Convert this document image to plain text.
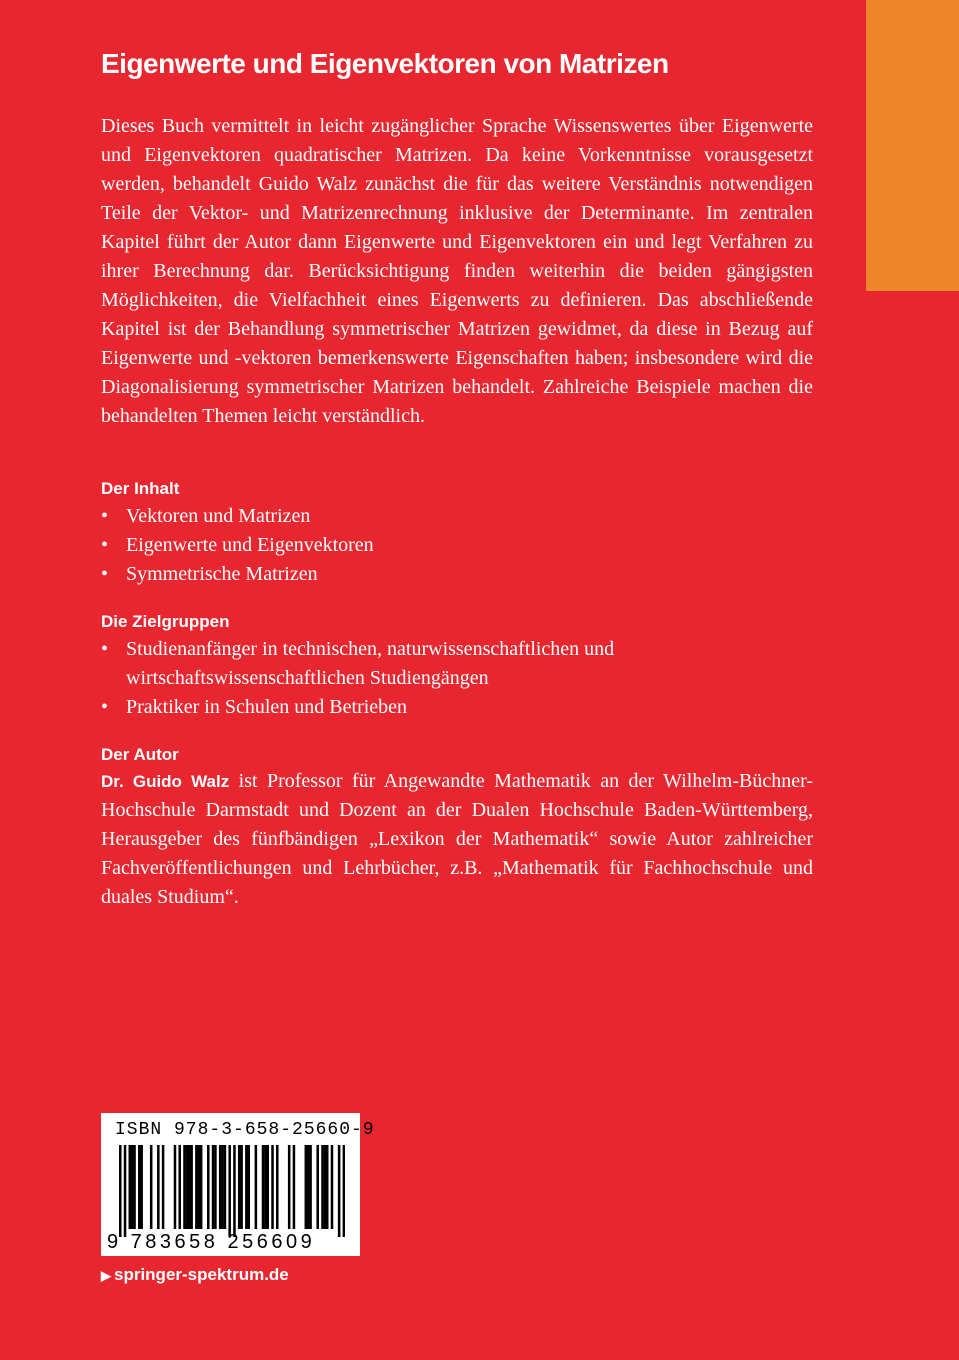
Eigenwerte und Eigenvektoren von Matrizen

Dieses Buch vermittelt in leicht zugänglicher Sprache Wissenswertes über Eigenwerte und Eigenvektoren quadratischer Matrizen. Da keine Vorkenntnisse vorausgesetzt werden, behandelt Guido Walz zunächst die für das weitere Verständnis notwendigen Teile der Vektor- und Matrizenrechnung inklusive der Determinante. Im zentralen Kapitel führt der Autor dann Eigenwerte und Eigenvektoren ein und legt Verfahren zu ihrer Berechnung dar. Berücksichtigung finden weiterhin die beiden gängigsten Möglichkeiten, die Vielfachheit eines Eigenwerts zu definieren. Das abschließende Kapitel ist der Behandlung symmetrischer Matrizen gewidmet, da diese in Bezug auf Eigenwerte und -vektoren bemerkenswerte Eigenschaften haben; insbesondere wird die Diagonalisierung symmetrischer Matrizen behandelt. Zahlreiche Beispiele machen die behandelten Themen leicht verständlich.

Der Inhalt
• Vektoren und Matrizen
• Eigenwerte und Eigenvektoren
• Symmetrische Matrizen
Die Zielgruppen
• Studienanfänger in technischen, naturwissenschaftlichen und wirtschaftswissenschaftlichen Studiengängen
• Praktiker in Schulen und Betrieben
Der Autor

Dr. Guido Walz ist Professor für Angewandte Mathematik an der Wilhelm-Büchner-Hochschule Darmstadt und Dozent an der Dualen Hochschule Baden-Württemberg, Herausgeber des fünfbändigen „Lexikon der Mathematik“ sowie Autor zahlreicher Fachveröffentlichungen und Lehrbücher, z.B. „Mathematik für Fachhochschule und duales Studium“.

ISBN 978-3-658-25660-9
9 783658 256609
▶ springer-spektrum.de
